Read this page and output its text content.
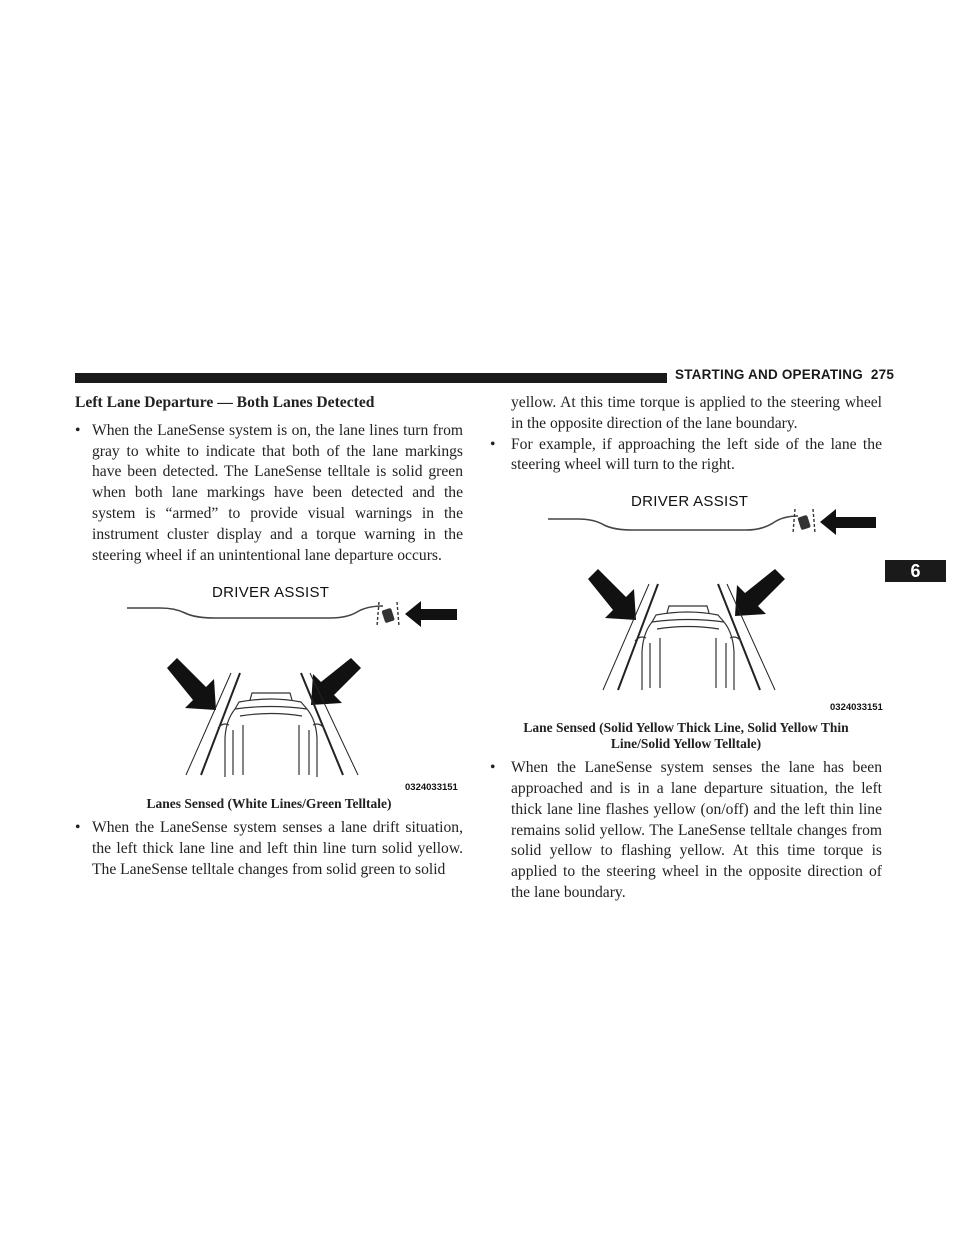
STARTING AND OPERATING 275
6

Left Lane Departure — Both Lanes Detected

• When the LaneSense system is on, the lane lines turn from gray to white to indicate that both of the lane markings have been detected. The LaneSense telltale is solid green when both lane markings have been detected and the system is “armed” to provide visual warnings in the instrument cluster display and a torque warning in the steering wheel if an unintentional lane departure occurs.

DRIVER ASSIST
0324033151

Lanes Sensed (White Lines/Green Telltale)

• When the LaneSense system senses a lane drift situation, the left thick lane line and left thin line turn solid yellow. The LaneSense telltale changes from solid green to solid

yellow. At this time torque is applied to the steering wheel in the opposite direction of the lane boundary.

• For example, if approaching the left side of the lane the steering wheel will turn to the right.

DRIVER ASSIST
0324033151

Lane Sensed (Solid Yellow Thick Line, Solid Yellow Thin Line/Solid Yellow Telltale)

• When the LaneSense system senses the lane has been approached and is in a lane departure situation, the left thick lane line flashes yellow (on/off) and the left thin line remains solid yellow. The LaneSense telltale changes from solid yellow to flashing yellow. At this time torque is applied to the steering wheel in the opposite direction of the lane boundary.
